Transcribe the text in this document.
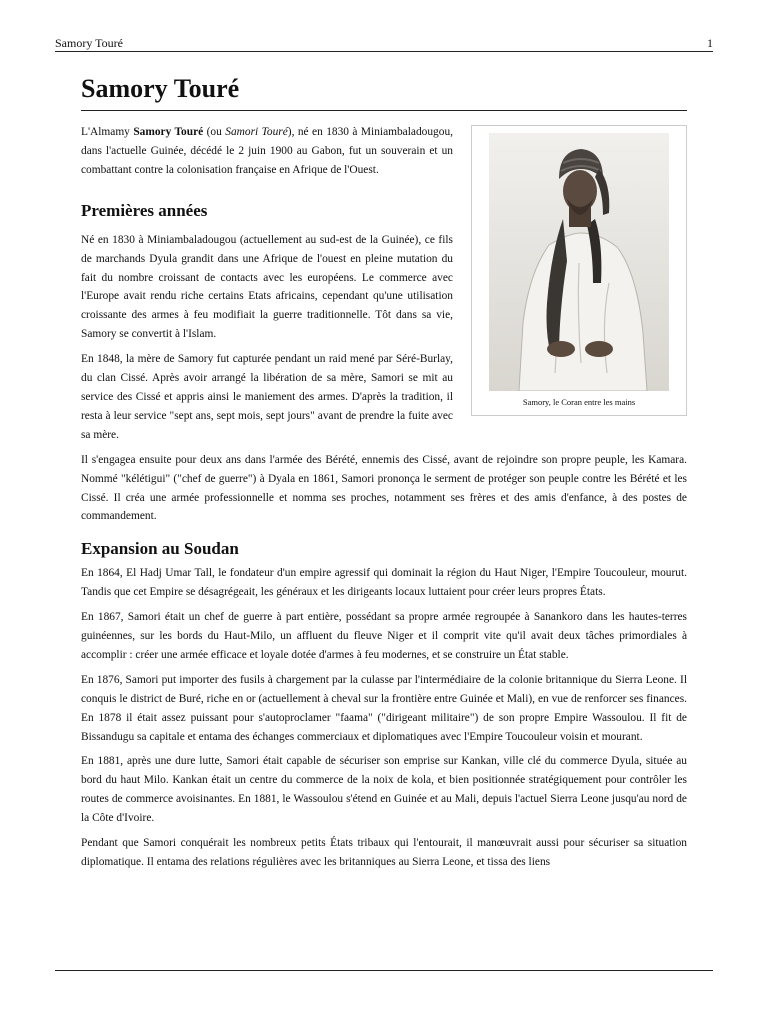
Samory Touré	1
Samory Touré
Samory, le Coran entre les mains

L'Almamy Samory Touré (ou Samori Touré), né en 1830 à Miniambaladougou, dans l'actuelle Guinée, décédé le 2 juin 1900 au Gabon, fut un souverain et un combattant contre la colonisation française en Afrique de l'Ouest.

Premières années

Né en 1830 à Miniambaladougou (actuellement au sud-est de la Guinée), ce fils de marchands Dyula grandit dans une Afrique de l'ouest en pleine mutation du fait du nombre croissant de contacts avec les européens. Le commerce avec l'Europe avait rendu riche certains Etats africains, cependant qu'une utilisation croissante des armes à feu modifiait la guerre traditionnelle. Tôt dans sa vie, Samory se convertit à l'Islam.

En 1848, la mère de Samory fut capturée pendant un raid mené par Séré-Burlay, du clan Cissé. Après avoir arrangé la libération de sa mère, Samori se mit au service des Cissé et appris ainsi le maniement des armes. D'après la tradition, il resta à leur service "sept ans, sept mois, sept jours" avant de prendre la fuite avec sa mère.

Il s'engagea ensuite pour deux ans dans l'armée des Bérété, ennemis des Cissé, avant de rejoindre son propre peuple, les Kamara. Nommé "kélétigui" ("chef de guerre") à Dyala en 1861, Samori prononça le serment de protéger son peuple contre les Bérété et les Cissé. Il créa une armée professionnelle et nomma ses proches, notamment ses frères et des amis d'enfance, à des postes de commandement.

Expansion au Soudan

En 1864, El Hadj Umar Tall, le fondateur d'un empire agressif qui dominait la région du Haut Niger, l'Empire Toucouleur, mourut. Tandis que cet Empire se désagrégeait, les généraux et les dirigeants locaux luttaient pour créer leurs propres États.

En 1867, Samori était un chef de guerre à part entière, possédant sa propre armée regroupée à Sanankoro dans les hautes-terres guinéennes, sur les bords du Haut-Milo, un affluent du fleuve Niger et il comprit vite qu'il avait deux tâches primordiales à accomplir : créer une armée efficace et loyale dotée d'armes à feu modernes, et se construire un État stable.

En 1876, Samori put importer des fusils à chargement par la culasse par l'intermédiaire de la colonie britannique du Sierra Leone. Il conquis le district de Buré, riche en or (actuellement à cheval sur la frontière entre Guinée et Mali), en vue de renforcer ses finances. En 1878 il était assez puissant pour s'autoproclamer "faama" ("dirigeant militaire") de son propre Empire Wassoulou. Il fit de Bissandugu sa capitale et entama des échanges commerciaux et diplomatiques avec l'Empire Toucouleur voisin et mourant.

En 1881, après une dure lutte, Samori était capable de sécuriser son emprise sur Kankan, ville clé du commerce Dyula, située au bord du haut Milo. Kankan était un centre du commerce de la noix de kola, et bien positionnée stratégiquement pour contrôler les routes de commerce avoisinantes. En 1881, le Wassoulou s'étend en Guinée et au Mali, depuis l'actuel Sierra Leone jusqu'au nord de la Côte d'Ivoire.

Pendant que Samori conquérait les nombreux petits États tribaux qui l'entourait, il manœuvrait aussi pour sécuriser sa situation diplomatique. Il entama des relations régulières avec les britanniques au Sierra Leone, et tissa des liens
